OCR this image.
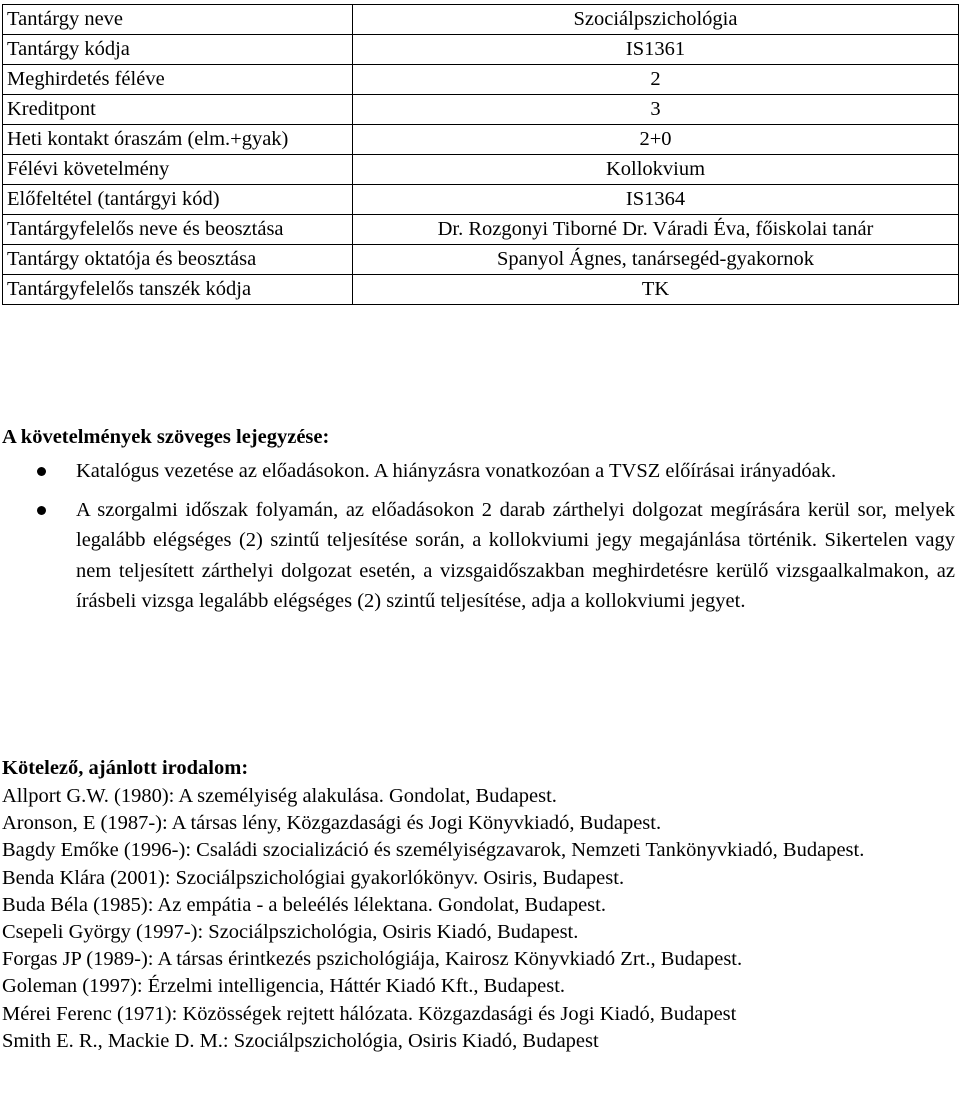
Tantárgy neve	Szociálpszichológia
Tantárgy kódja	IS1361
Meghirdetés féléve	2
Kreditpont	3
Heti kontakt óraszám (elm.+gyak)	2+0
Félévi követelmény	Kollokvium
Előfeltétel (tantárgyi kód)	IS1364
Tantárgyfelelős neve és beosztása	Dr. Rozgonyi Tiborné Dr. Váradi Éva, főiskolai tanár
Tantárgy oktatója és beosztása	Spanyol Ágnes, tanársegéd-gyakornok
Tantárgyfelelős tanszék kódja	TK
A követelmények szöveges lejegyzése:
Katalógus vezetése az előadásokon. A hiányzásra vonatkozóan a TVSZ előírásai irányadóak.
A szorgalmi időszak folyamán, az előadásokon 2 darab zárthelyi dolgozat megírására kerül sor, melyek legalább elégséges (2) szintű teljesítése során, a kollokviumi jegy megajánlása történik. Sikertelen vagy nem teljesített zárthelyi dolgozat esetén, a vizsgaidőszakban meghirdetésre kerülő vizsgaalkalmakon, az írásbeli vizsga legalább elégséges (2) szintű teljesítése, adja a kollokviumi jegyet.
Kötelező, ajánlott irodalom:
Allport G.W. (1980): A személyiség alakulása. Gondolat, Budapest.
Aronson, E (1987-): A társas lény, Közgazdasági és Jogi Könyvkiadó, Budapest.
Bagdy Emőke (1996-): Családi szocializáció és személyiségzavarok, Nemzeti Tankönyvkiadó, Budapest.
Benda Klára (2001): Szociálpszichológiai gyakorlókönyv. Osiris, Budapest.
Buda Béla (1985): Az empátia - a beleélés lélektana. Gondolat, Budapest.
Csepeli György (1997-): Szociálpszichológia, Osiris Kiadó, Budapest.
Forgas JP (1989-): A társas érintkezés pszichológiája, Kairosz Könyvkiadó Zrt., Budapest.
Goleman (1997): Érzelmi intelligencia, Háttér Kiadó Kft., Budapest.
Mérei Ferenc (1971): Közösségek rejtett hálózata. Közgazdasági és Jogi Kiadó, Budapest
Smith E. R., Mackie D. M.: Szociálpszichológia, Osiris Kiadó, Budapest
